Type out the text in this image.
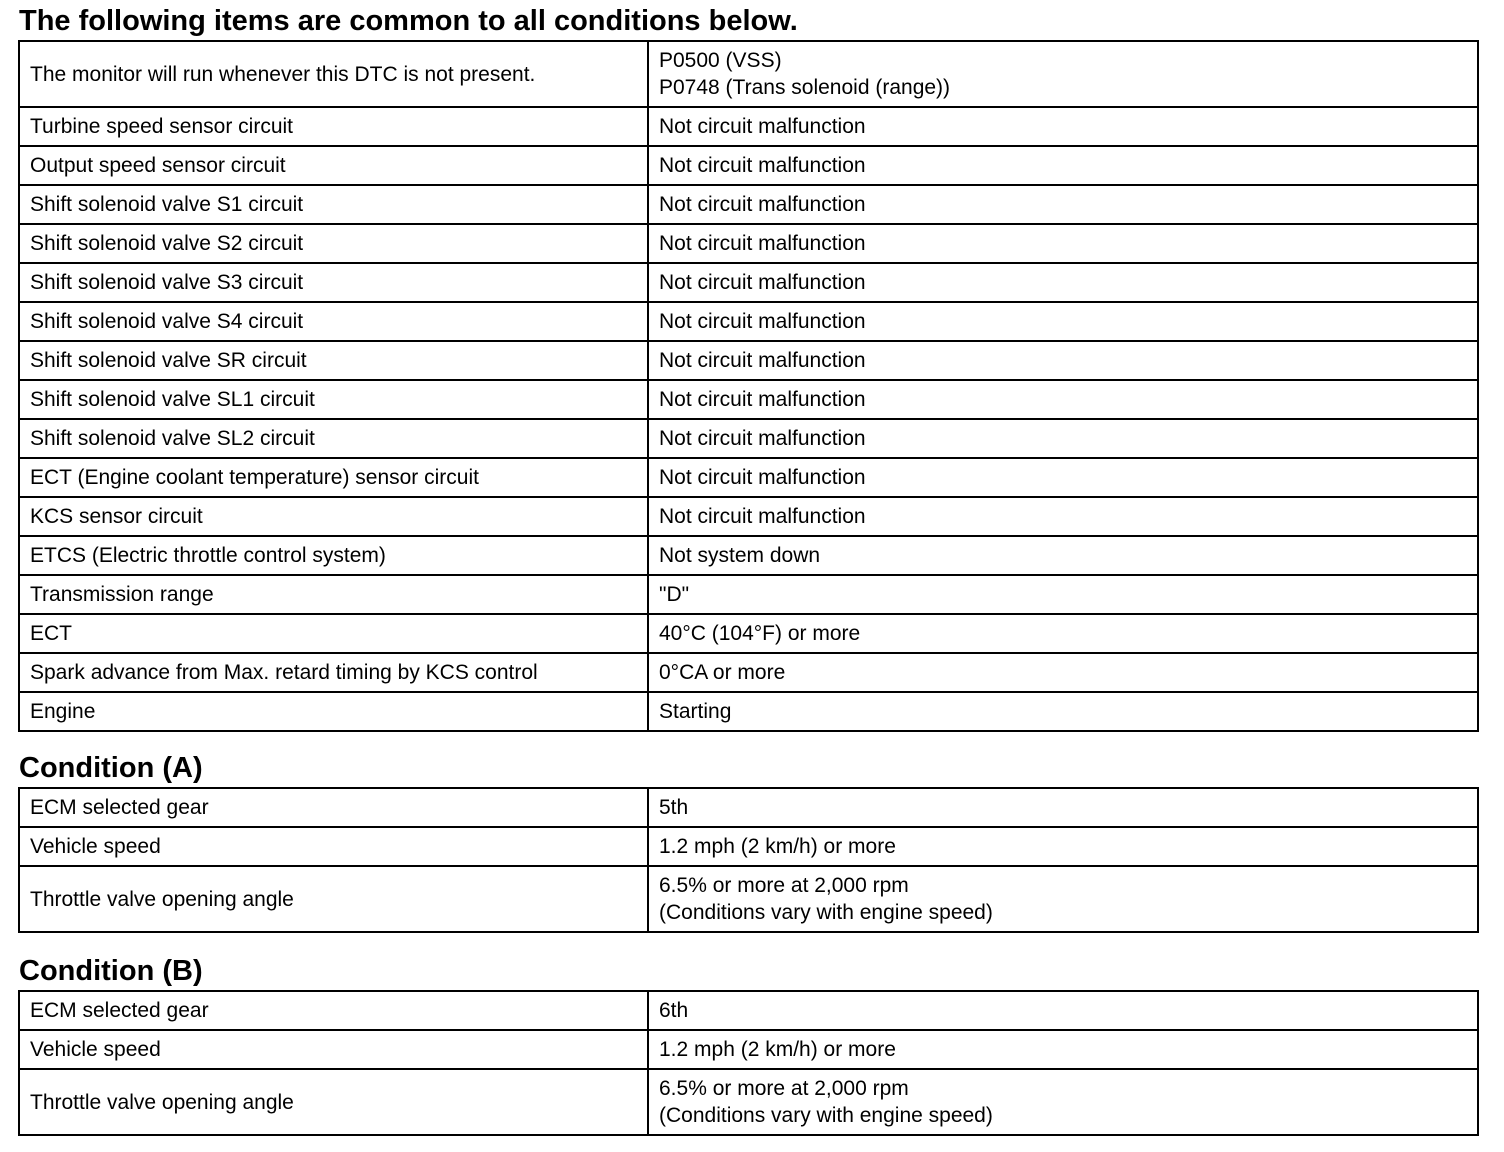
The following items are common to all conditions below.
The monitor will run whenever this DTC is not present.	P0500 (VSS)
P0748 (Trans solenoid (range))

Turbine speed sensor circuit	Not circuit malfunction

Output speed sensor circuit	Not circuit malfunction

Shift solenoid valve S1 circuit	Not circuit malfunction

Shift solenoid valve S2 circuit	Not circuit malfunction

Shift solenoid valve S3 circuit	Not circuit malfunction

Shift solenoid valve S4 circuit	Not circuit malfunction

Shift solenoid valve SR circuit	Not circuit malfunction

Shift solenoid valve SL1 circuit	Not circuit malfunction

Shift solenoid valve SL2 circuit	Not circuit malfunction

ECT (Engine coolant temperature) sensor circuit	Not circuit malfunction

KCS sensor circuit	Not circuit malfunction

ETCS (Electric throttle control system)	Not system down

Transmission range	"D"

ECT	40°C (104°F) or more

Spark advance from Max. retard timing by KCS control	0°CA or more

Engine	Starting
Condition (A)
ECM selected gear	5th

Vehicle speed	1.2 mph (2 km/h) or more

Throttle valve opening angle	6.5% or more at 2,000 rpm
(Conditions vary with engine speed)
Condition (B)
ECM selected gear	6th

Vehicle speed	1.2 mph (2 km/h) or more

Throttle valve opening angle	6.5% or more at 2,000 rpm
(Conditions vary with engine speed)
